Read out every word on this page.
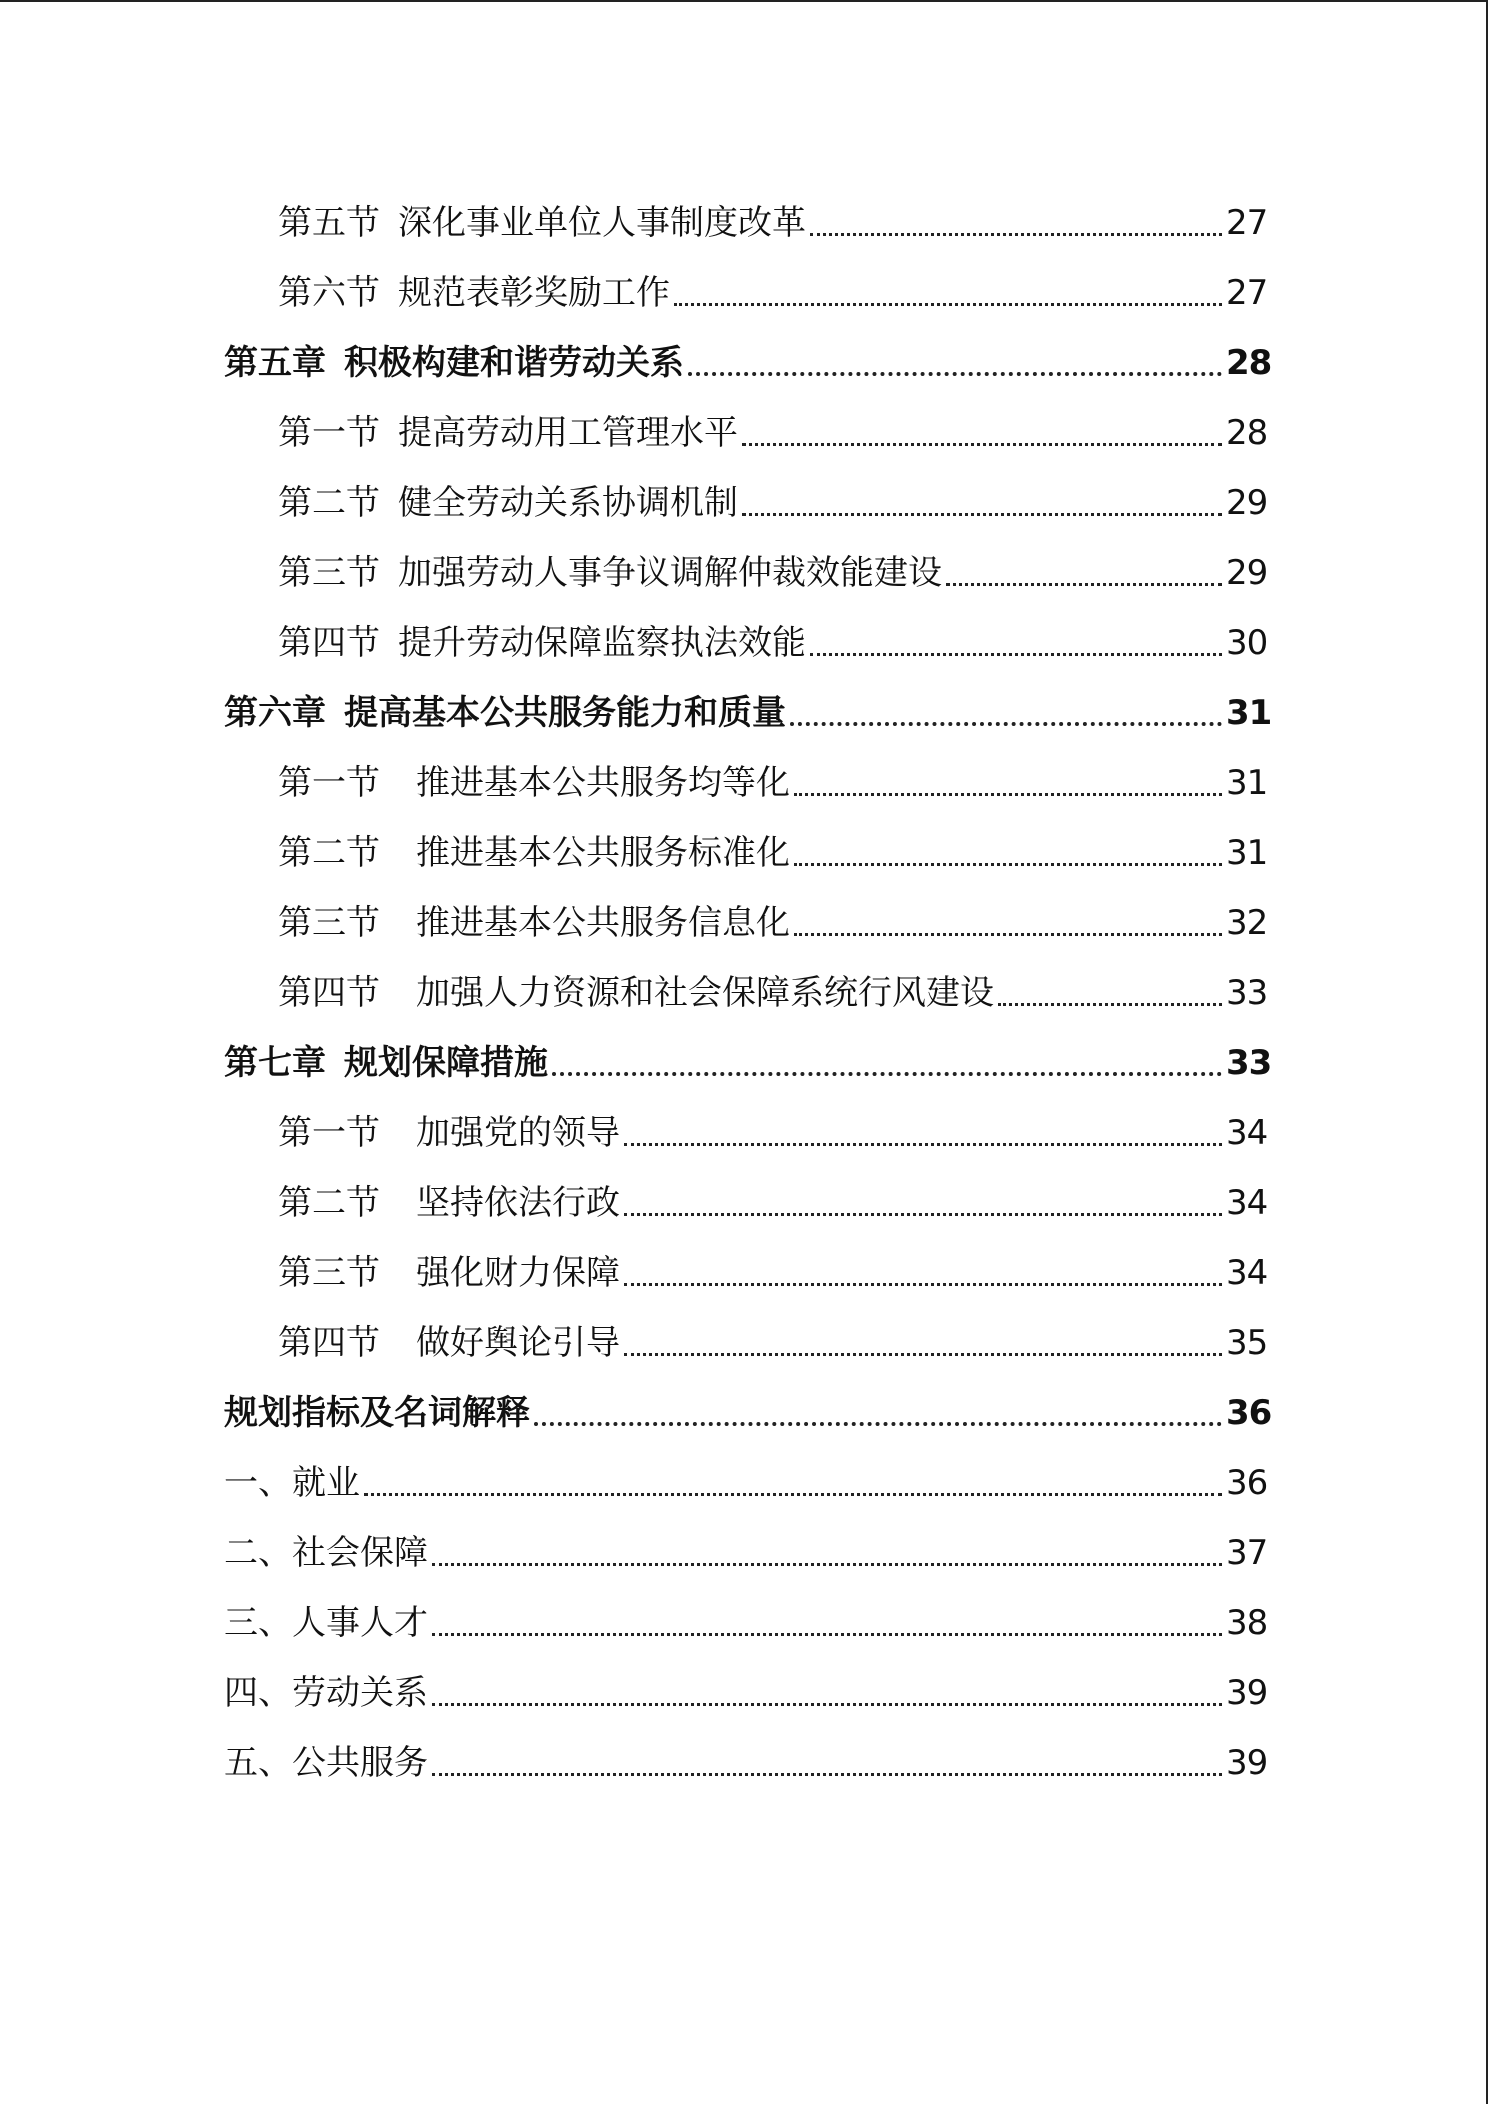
第五节 深化事业单位人事制度改革	27
第六节 规范表彰奖励工作	27
第五章 积极构建和谐劳动关系	28
第一节 提高劳动用工管理水平	28
第二节 健全劳动关系协调机制	29
第三节 加强劳动人事争议调解仲裁效能建设	29
第四节 提升劳动保障监察执法效能	30
第六章 提高基本公共服务能力和质量	31
第一节 推进基本公共服务均等化	31
第二节 推进基本公共服务标准化	31
第三节 推进基本公共服务信息化	32
第四节 加强人力资源和社会保障系统行风建设	33
第七章 规划保障措施	33
第一节 加强党的领导	34
第二节 坚持依法行政	34
第三节 强化财力保障	34
第四节 做好舆论引导	35
规划指标及名词解释	36
一、就业	36
二、社会保障	37
三、人事人才	38
四、劳动关系	39
五、公共服务	39
